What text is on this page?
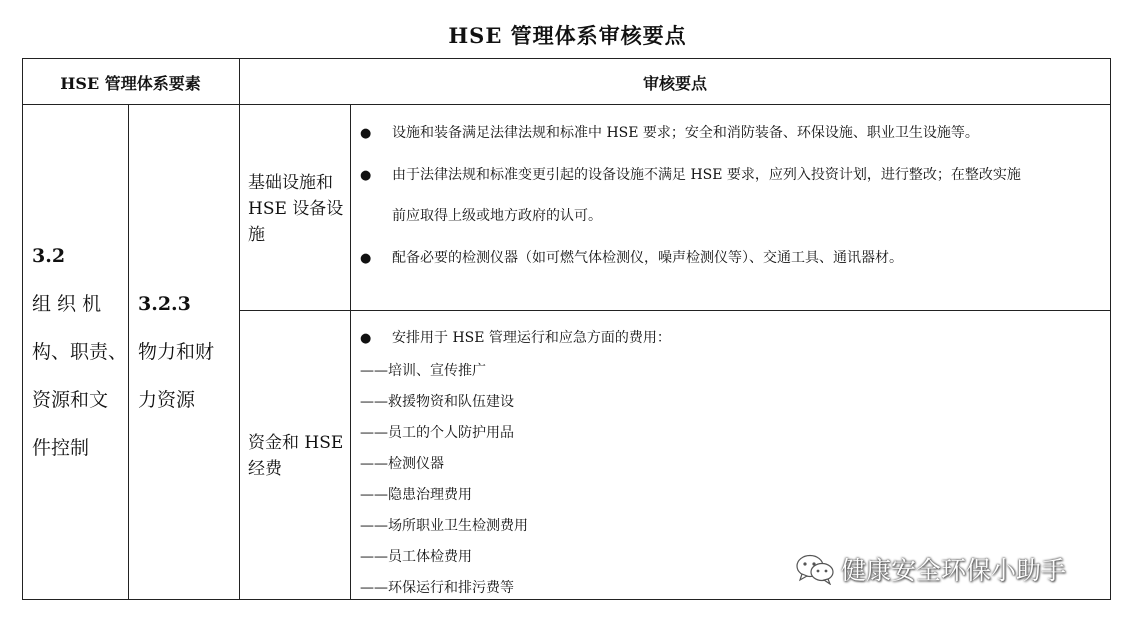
HSE 管理体系审核要点
HSE 管理体系要素	审核要点
3.2
组 织 机
构、职责、
资源和文
件控制
3.2.3
物力和财
力资源
基础设施和
HSE 设备设
施
● 设施和装备满足法律法规和标准中 HSE 要求；安全和消防装备、环保设施、职业卫生设施等。
● 由于法律法规和标准变更引起的设备设施不满足 HSE 要求，应列入投资计划，进行整改；在整改实施
前应取得上级或地方政府的认可。
● 配备必要的检测仪器（如可燃气体检测仪，噪声检测仪等）、交通工具、通讯器材。
资金和 HSE
经费
● 安排用于 HSE 管理运行和应急方面的费用：
——培训、宣传推广
——救援物资和队伍建设
——员工的个人防护用品
——检测仪器
——隐患治理费用
——场所职业卫生检测费用
——员工体检费用
——环保运行和排污费等
健康安全环保小助手
